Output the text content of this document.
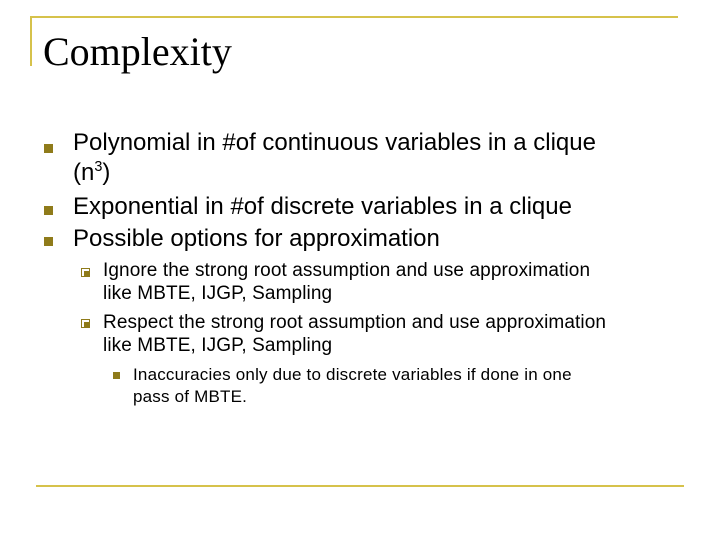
Complexity
Polynomial in #of continuous variables in a clique
$(n^3)$
Exponential in #of discrete variables in a clique
Possible options for approximation
Ignore the strong root assumption and use approximation
like MBTE, IJGP, Sampling
Respect the strong root assumption and use approximation
like MBTE, IJGP, Sampling
Inaccuracies only due to discrete variables if done in one
pass of MBTE.
